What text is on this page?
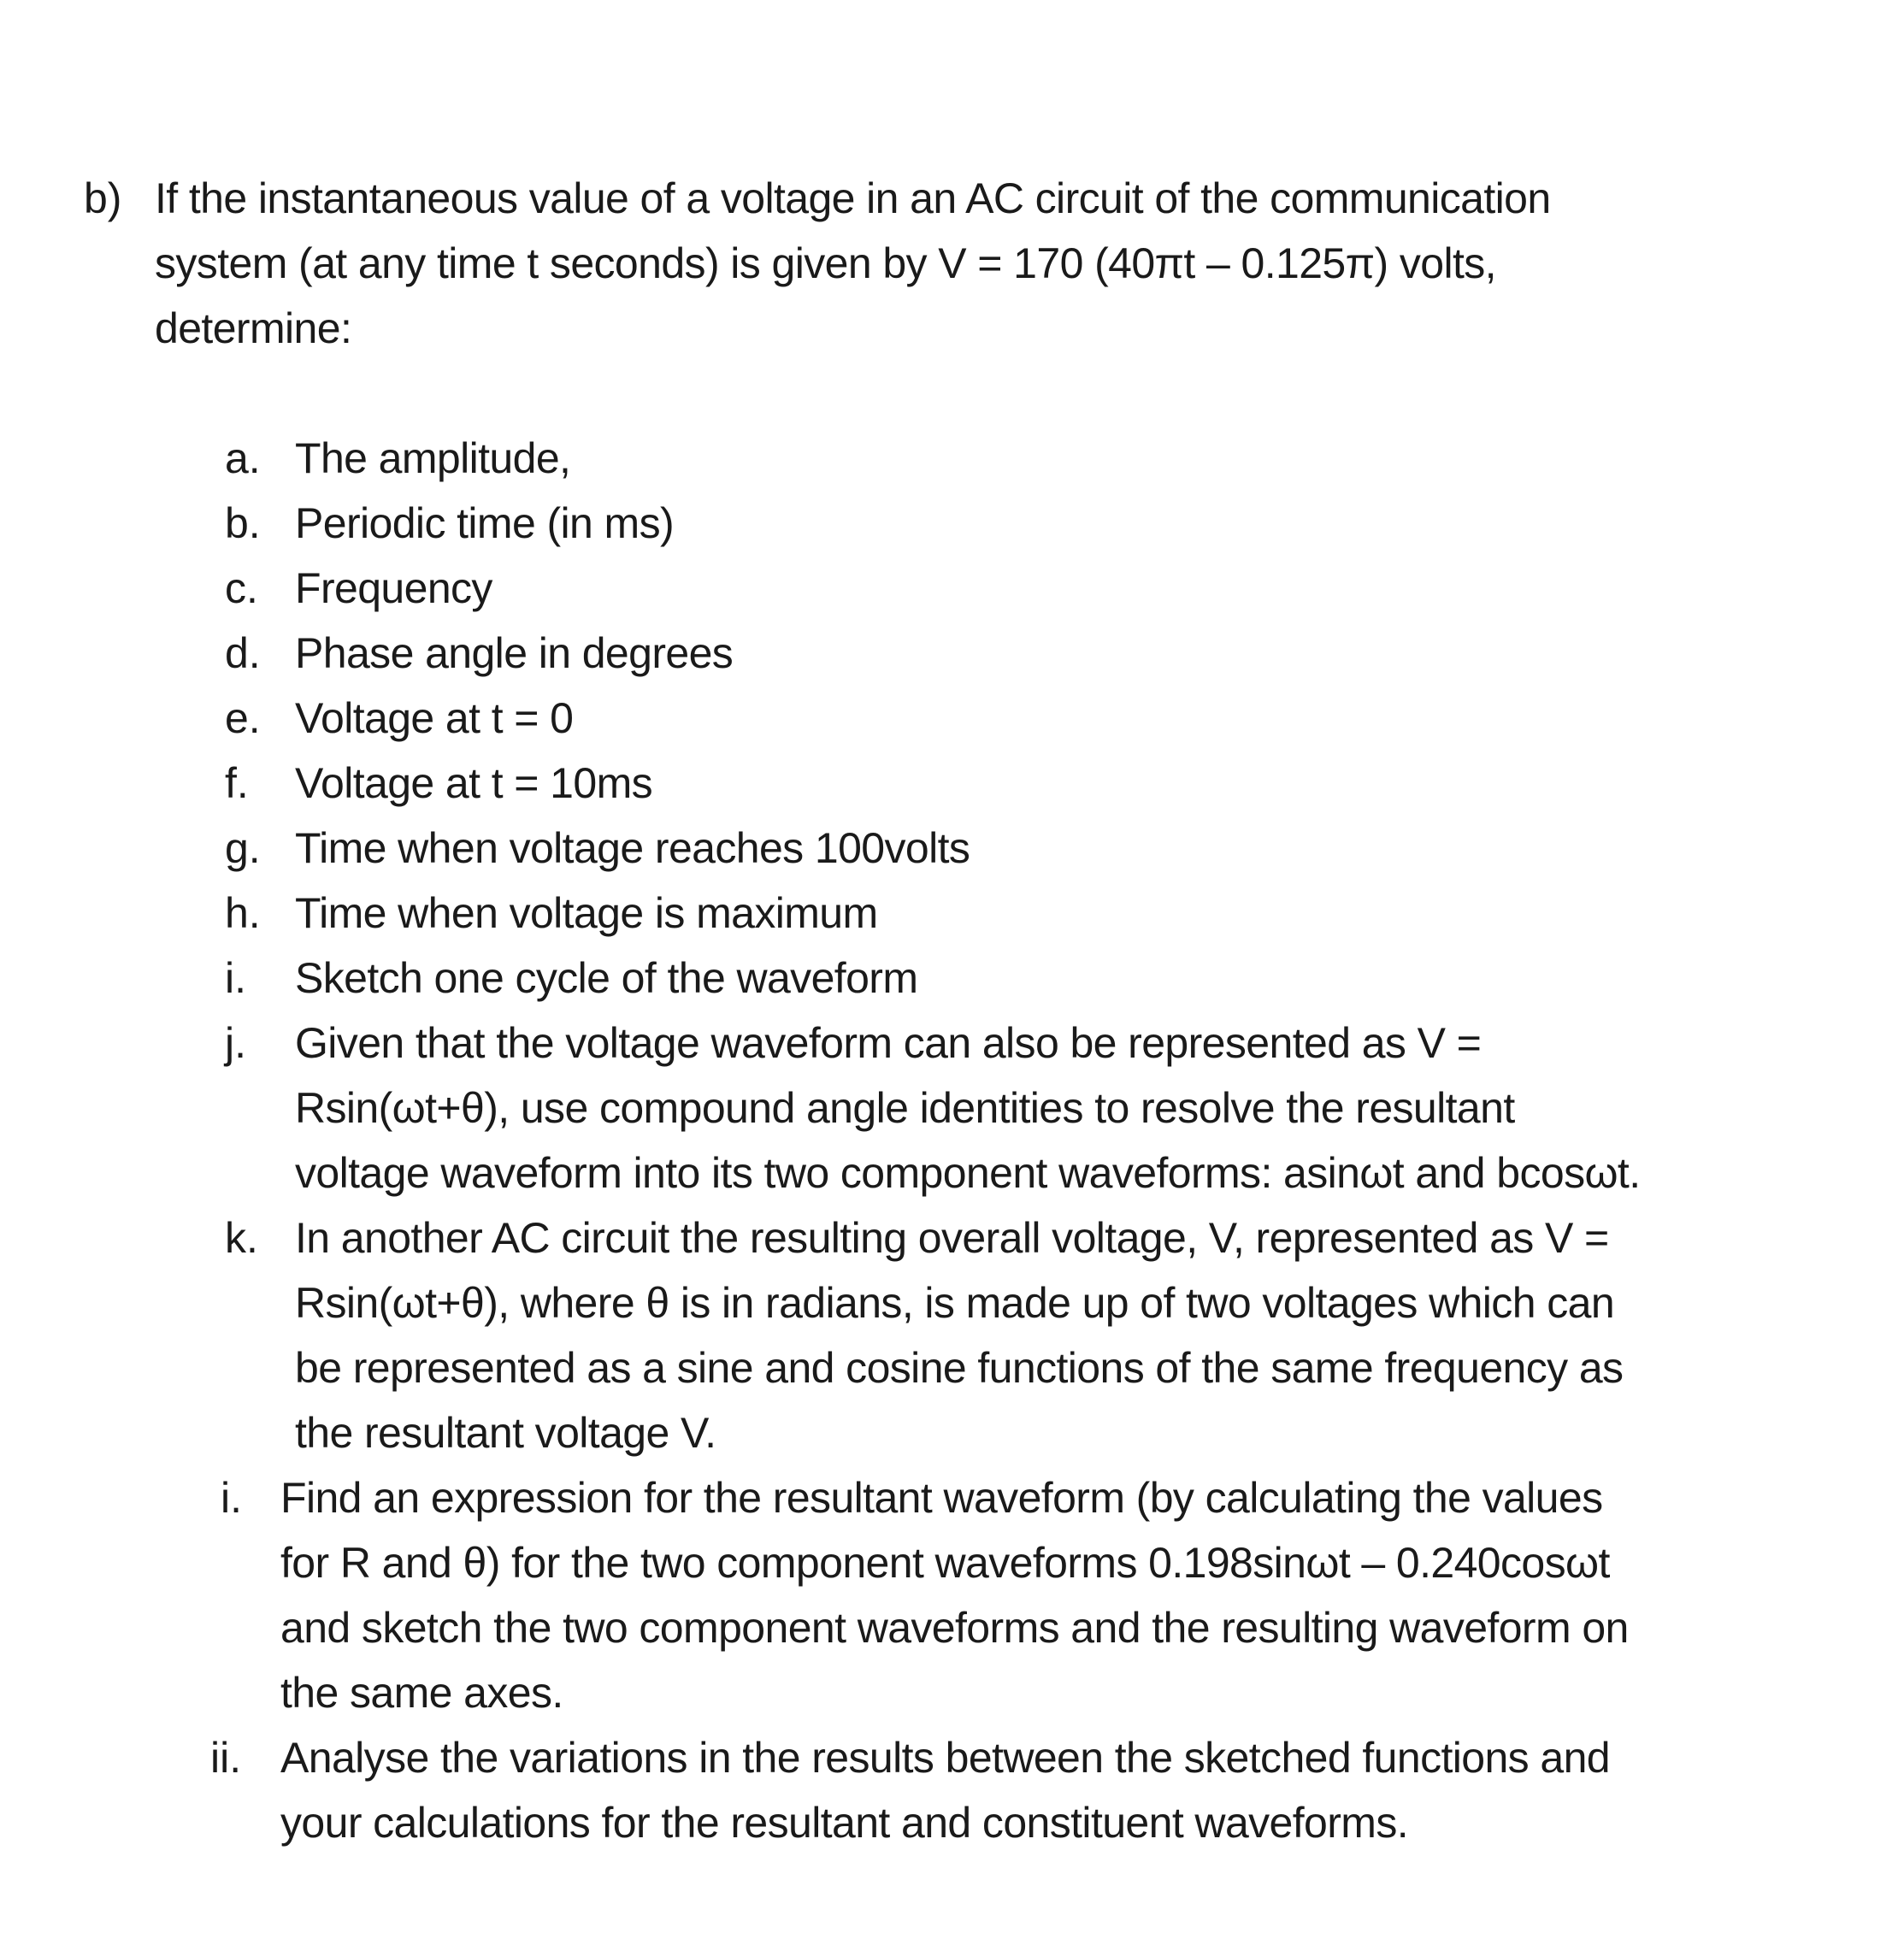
b) If the instantaneous value of a voltage in an AC circuit of the communication
system (at any time t seconds) is given by V = 170 (40πt – 0.125π) volts,
determine:
a. The amplitude,
b. Periodic time (in ms)
c. Frequency
d. Phase angle in degrees
e. Voltage at t = 0
f. Voltage at t = 10ms
g. Time when voltage reaches 100volts
h. Time when voltage is maximum
i. Sketch one cycle of the waveform
j. Given that the voltage waveform can also be represented as V =
Rsin(ωt+θ), use compound angle identities to resolve the resultant
voltage waveform into its two component waveforms: asinωt and bcosωt.
k. In another AC circuit the resulting overall voltage, V, represented as V =
Rsin(ωt+θ), where θ is in radians, is made up of two voltages which can
be represented as a sine and cosine functions of the same frequency as
the resultant voltage V.
i. Find an expression for the resultant waveform (by calculating the values
for R and θ) for the two component waveforms 0.198sinωt – 0.240cosωt
and sketch the two component waveforms and the resulting waveform on
the same axes.
ii. Analyse the variations in the results between the sketched functions and
your calculations for the resultant and constituent waveforms.
